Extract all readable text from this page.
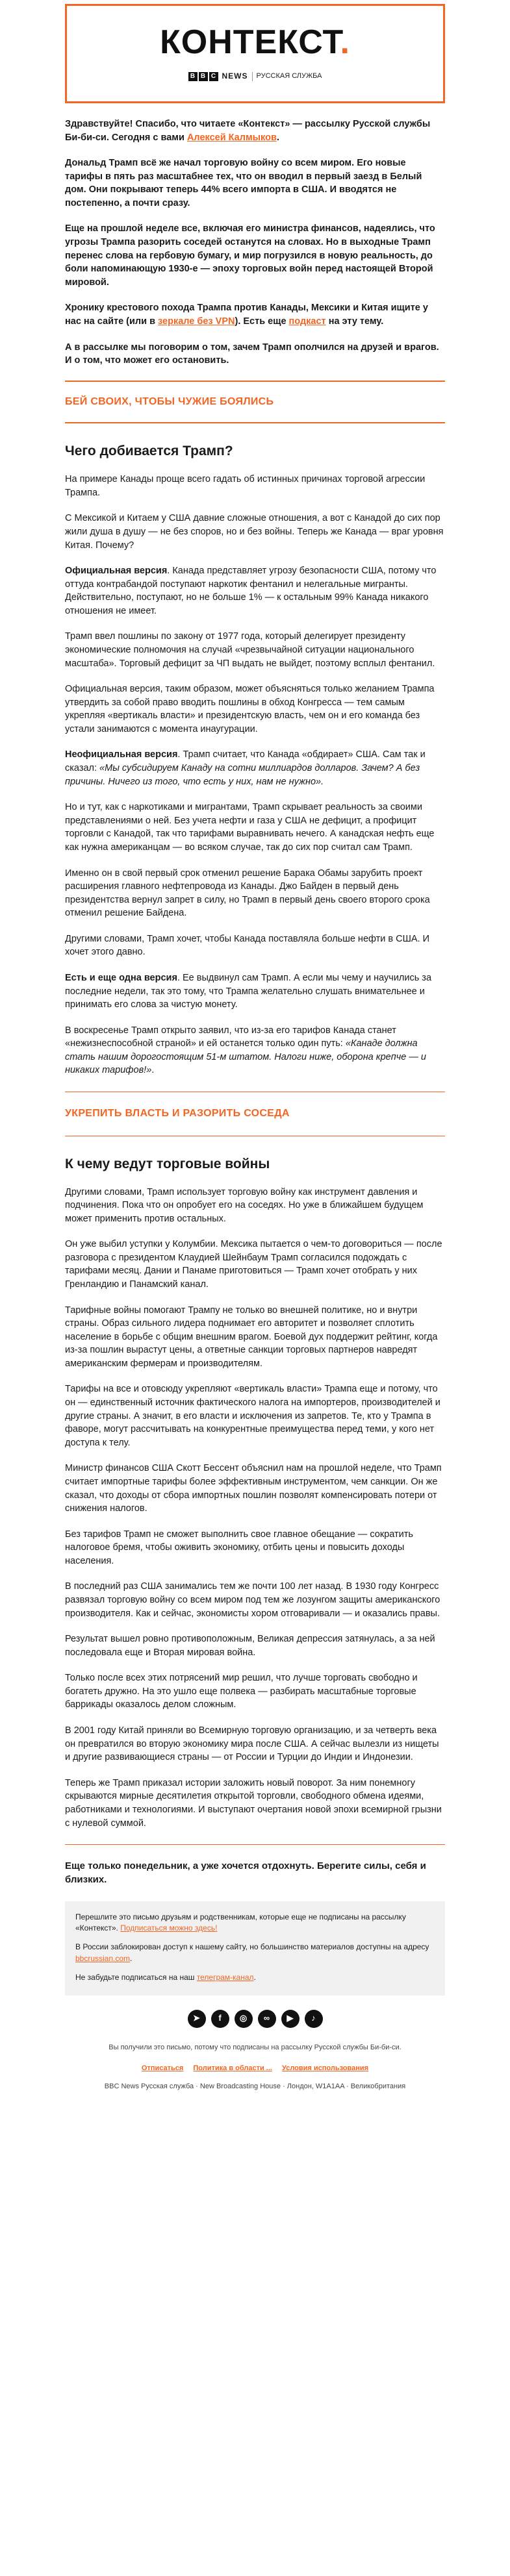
КОНТЕКСТ.
B B C NEWS РУССКАЯ СЛУЖБА

Здравствуйте! Спасибо, что читаете «Контекст» — рассылку Русской службы Би-би-си. Сегодня с вами Алексей Калмыков.

Дональд Трамп всё же начал торговую войну со всем миром. Его новые тарифы в пять раз масштабнее тех, что он вводил в первый заезд в Белый дом. Они покрывают теперь 44% всего импорта в США. И вводятся не постепенно, а почти сразу.

Еще на прошлой неделе все, включая его министра финансов, надеялись, что угрозы Трампа разорить соседей останутся на словах. Но в выходные Трамп перенес слова на гербовую бумагу, и мир погрузился в новую реальность, до боли напоминающую 1930-е — эпоху торговых войн перед настоящей Второй мировой.

Хронику крестового похода Трампа против Канады, Мексики и Китая ищите у нас на сайте (или в зеркале без VPN). Есть еще подкаст на эту тему.

А в рассылке мы поговорим о том, зачем Трамп ополчился на друзей и врагов. И о том, что может его остановить.

БЕЙ СВОИХ, ЧТОБЫ ЧУЖИЕ БОЯЛИСЬ
Чего добивается Трамп?

На примере Канады проще всего гадать об истинных причинах торговой агрессии Трампа.

С Мексикой и Китаем у США давние сложные отношения, а вот с Канадой до сих пор жили душа в душу — не без споров, но и без войны. Теперь же Канада — враг уровня Китая. Почему?

Официальная версия. Канада представляет угрозу безопасности США, потому что оттуда контрабандой поступают наркотик фентанил и нелегальные мигранты. Действительно, поступают, но не больше 1% — к остальным 99% Канада никакого отношения не имеет.

Трамп ввел пошлины по закону от 1977 года, который делегирует президенту экономические полномочия на случай «чрезвычайной ситуации национального масштаба». Торговый дефицит за ЧП выдать не выйдет, поэтому всплыл фентанил.

Официальная версия, таким образом, может объясняться только желанием Трампа утвердить за собой право вводить пошлины в обход Конгресса — тем самым укрепляя «вертикаль власти» и президентскую власть, чем он и его команда без устали занимаются с момента инаугурации.

Неофициальная версия. Трамп считает, что Канада «обдирает» США. Сам так и сказал: «Мы субсидируем Канаду на сотни миллиардов долларов. Зачем? А без причины. Ничего из того, что есть у них, нам не нужно».

Но и тут, как с наркотиками и мигрантами, Трамп скрывает реальность за своими представлениями о ней. Без учета нефти и газа у США не дефицит, а профицит торговли с Канадой, так что тарифами выравнивать нечего. А канадская нефть еще как нужна американцам — во всяком случае, так до сих пор считал сам Трамп.

Именно он в свой первый срок отменил решение Барака Обамы зарубить проект расширения главного нефтепровода из Канады. Джо Байден в первый день президентства вернул запрет в силу, но Трамп в первый день своего второго срока отменил решение Байдена.

Другими словами, Трамп хочет, чтобы Канада поставляла больше нефти в США. И хочет этого давно.

Есть и еще одна версия. Ее выдвинул сам Трамп. А если мы чему и научились за последние недели, так это тому, что Трампа желательно слушать внимательнее и принимать его слова за чистую монету.

В воскресенье Трамп открыто заявил, что из-за его тарифов Канада станет «нежизнеспособной страной» и ей останется только один путь: «Канаде должна стать нашим дорогостоящим 51-м штатом. Налоги ниже, оборона крепче — и никаких тарифов!».

УКРЕПИТЬ ВЛАСТЬ И РАЗОРИТЬ СОСЕДА
К чему ведут торговые войны

Другими словами, Трамп использует торговую войну как инструмент давления и подчинения. Пока что он опробует его на соседях. Но уже в ближайшем будущем может применить против остальных.

Он уже выбил уступки у Колумбии. Мексика пытается о чем-то договориться — после разговора с президентом Клаудией Шейнбаум Трамп согласился подождать с тарифами месяц. Дании и Панаме приготовиться — Трамп хочет отобрать у них Гренландию и Панамский канал.

Тарифные войны помогают Трампу не только во внешней политике, но и внутри страны. Образ сильного лидера поднимает его авторитет и позволяет сплотить население в борьбе с общим внешним врагом. Боевой дух поддержит рейтинг, когда из-за пошлин вырастут цены, а ответные санкции торговых партнеров навредят американским фермерам и производителям.

Тарифы на все и отовсюду укрепляют «вертикаль власти» Трампа еще и потому, что он — единственный источник фактического налога на импортеров, производителей и другие страны. А значит, в его власти и исключения из запретов. Те, кто у Трампа в фаворе, могут рассчитывать на конкурентные преимущества перед теми, у кого нет доступа к телу.

Министр финансов США Скотт Бессент объяснил нам на прошлой неделе, что Трамп считает импортные тарифы более эффективным инструментом, чем санкции. Он же сказал, что доходы от сбора импортных пошлин позволят компенсировать потери от снижения налогов.

Без тарифов Трамп не сможет выполнить свое главное обещание — сократить налоговое бремя, чтобы оживить экономику, отбить цены и повысить доходы населения.

В последний раз США занимались тем же почти 100 лет назад. В 1930 году Конгресс развязал торговую войну со всем миром под тем же лозунгом защиты американского производителя. Как и сейчас, экономисты хором отговаривали — и оказались правы.

Результат вышел ровно противоположным, Великая депрессия затянулась, а за ней последовала еще и Вторая мировая война.

Только после всех этих потрясений мир решил, что лучше торговать свободно и богатеть дружно. На это ушло еще полвека — разбирать масштабные торговые баррикады оказалось делом сложным.

В 2001 году Китай приняли во Всемирную торговую организацию, и за четверть века он превратился во вторую экономику мира после США. А сейчас вылезли из нищеты и другие развивающиеся страны — от России и Турции до Индии и Индонезии.

Теперь же Трамп приказал истории заложить новый поворот. За ним понемногу скрываются мирные десятилетия открытой торговли, свободного обмена идеями, работниками и технологиями. И выступают очертания новой эпохи всемирной грызни с нулевой суммой.

Еще только понедельник, а уже хочется отдохнуть. Берегите силы, себя и близких.

Перешлите это письмо друзьям и родственникам, которые еще не подписаны на рассылку «Контекст». Подписаться можно здесь!

В России заблокирован доступ к нашему сайту, но большинство материалов доступны на адресу bbcrussian.com.

Не забудьте подписаться на наш телеграм-канал.

➤	f	◎	∞	▶	♪

Вы получили это письмо, потому что подписаны на рассылку Русской службы Би-би-си.

Отписаться Политика в области ... Условия использования

BBC News Русская служба · New Broadcasting House · Лондон, W1A1AA · Великобритания
